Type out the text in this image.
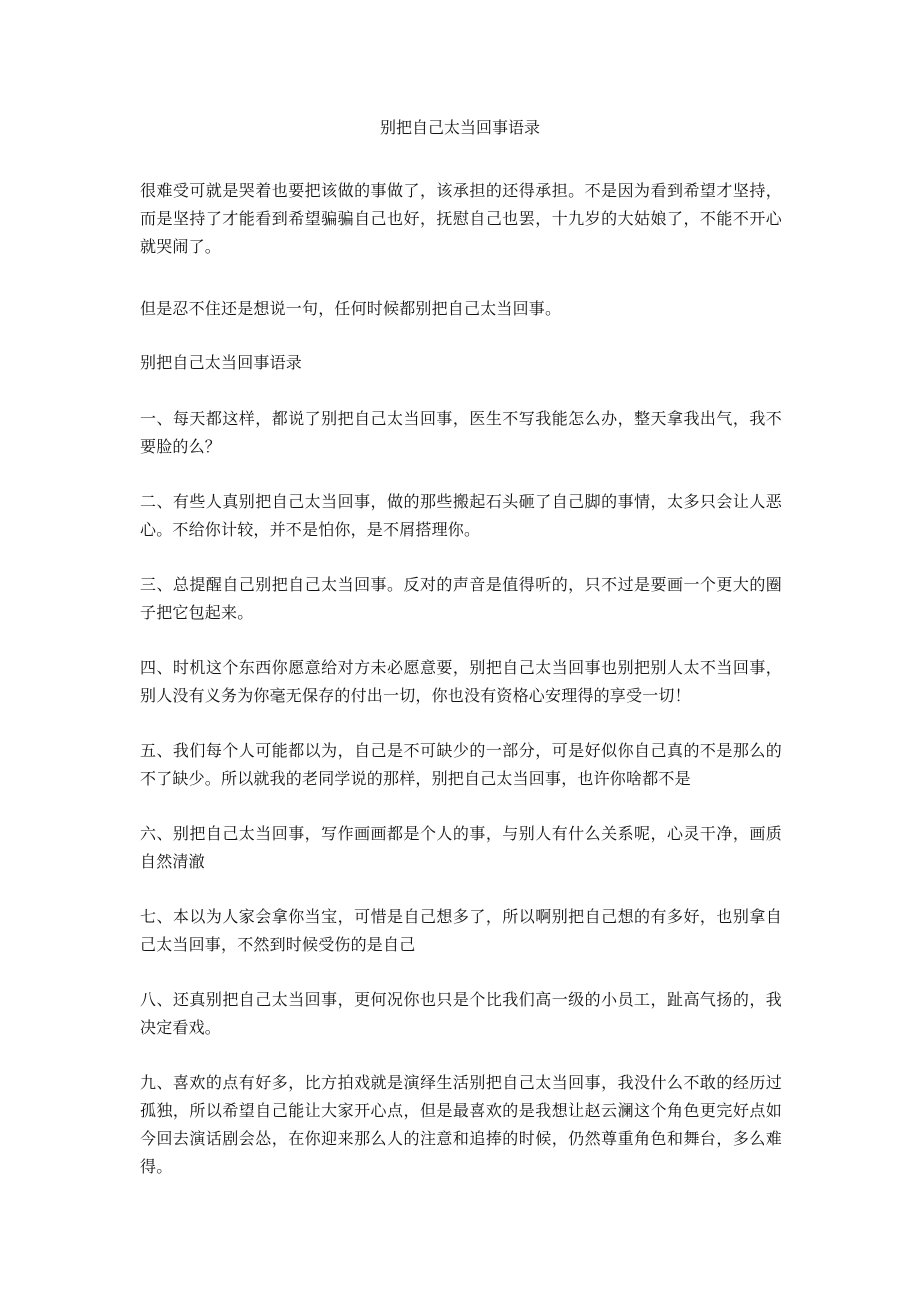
别把自己太当回事语录

很难受可就是哭着也要把该做的事做了，该承担的还得承担。不是因为看到希望才坚持，而是坚持了才能看到希望骗骗自己也好，抚慰自己也罢，十九岁的大姑娘了，不能不开心就哭闹了。

但是忍不住还是想说一句，任何时候都别把自己太当回事。

别把自己太当回事语录

一、每天都这样，都说了别把自己太当回事，医生不写我能怎么办，整天拿我出气，我不要脸的么？

二、有些人真别把自己太当回事，做的那些搬起石头砸了自己脚的事情，太多只会让人恶心。不给你计较，并不是怕你，是不屑搭理你。

三、总提醒自己别把自己太当回事。反对的声音是值得听的，只不过是要画一个更大的圈子把它包起来。

四、时机这个东西你愿意给对方未必愿意要，别把自己太当回事也别把别人太不当回事，别人没有义务为你毫无保存的付出一切，你也没有资格心安理得的享受一切！

五、我们每个人可能都以为，自己是不可缺少的一部分，可是好似你自己真的不是那么的不了缺少。所以就我的老同学说的那样，别把自己太当回事，也许你啥都不是

六、别把自己太当回事，写作画画都是个人的事，与别人有什么关系呢，心灵干净，画质自然清澈

七、本以为人家会拿你当宝，可惜是自己想多了，所以啊别把自己想的有多好，也别拿自己太当回事，不然到时候受伤的是自己

八、还真别把自己太当回事，更何况你也只是个比我们高一级的小员工，趾高气扬的，我决定看戏。

九、喜欢的点有好多，比方拍戏就是演绎生活别把自己太当回事，我没什么不敢的经历过孤独，所以希望自己能让大家开心点，但是最喜欢的是我想让赵云澜这个角色更完好点如今回去演话剧会怂，在你迎来那么人的注意和追捧的时候，仍然尊重角色和舞台，多么难得。
